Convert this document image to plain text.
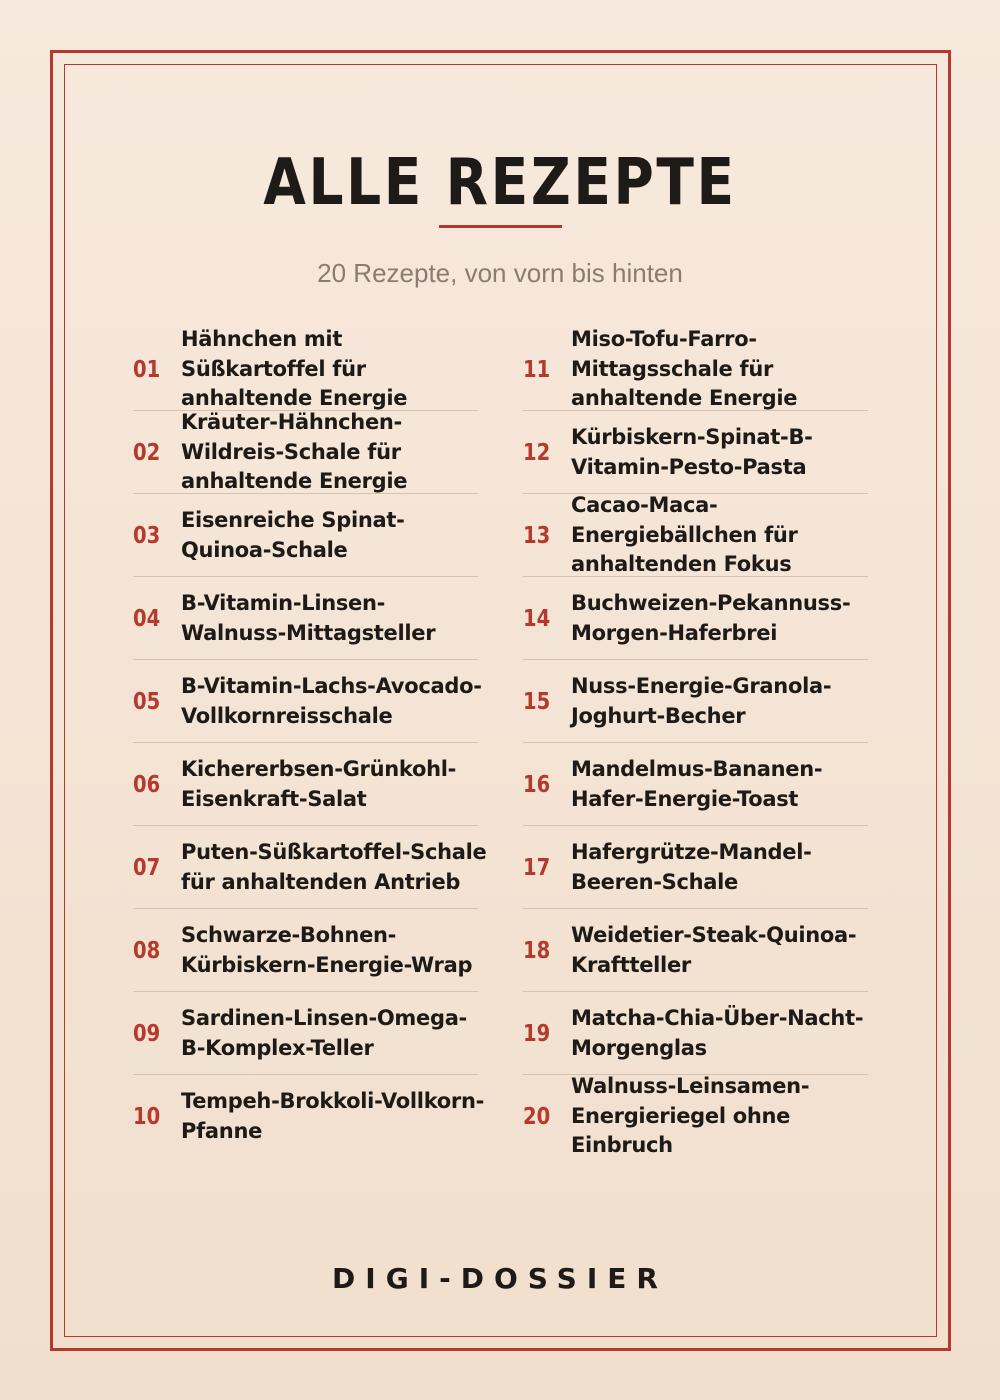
ALLE REZEPTE
20 Rezepte, von vorn bis hinten
01
Hähnchen mit Süßkartoffel für anhaltende Energie
02
Kräuter-Hähnchen-Wildreis-Schale für anhaltende Energie
03
Eisenreiche Spinat-Quinoa-Schale
04
B-Vitamin-Linsen-Walnuss-Mittagsteller
05
B-Vitamin-Lachs-Avocado-Vollkornreisschale
06
Kichererbsen-Grünkohl-Eisenkraft-Salat
07
Puten-Süßkartoffel-Schale für anhaltenden Antrieb
08
Schwarze-Bohnen-Kürbiskern-Energie-Wrap
09
Sardinen-Linsen-Omega-B-Komplex-Teller
10
Tempeh-Brokkoli-Vollkorn-Pfanne
11
Miso-Tofu-Farro-Mittagsschale für anhaltende Energie
12
Kürbiskern-Spinat-B-Vitamin-Pesto-Pasta
13
Cacao-Maca-Energiebällchen für anhaltenden Fokus
14
Buchweizen-Pekannuss-Morgen-Haferbrei
15
Nuss-Energie-Granola-Joghurt-Becher
16
Mandelmus-Bananen-Hafer-Energie-Toast
17
Hafergrütze-Mandel-Beeren-Schale
18
Weidetier-Steak-Quinoa-Kraftteller
19
Matcha-Chia-Über-Nacht-Morgenglas
20
Walnuss-Leinsamen-Energieriegel ohne Einbruch
DIGI-DOSSIER
